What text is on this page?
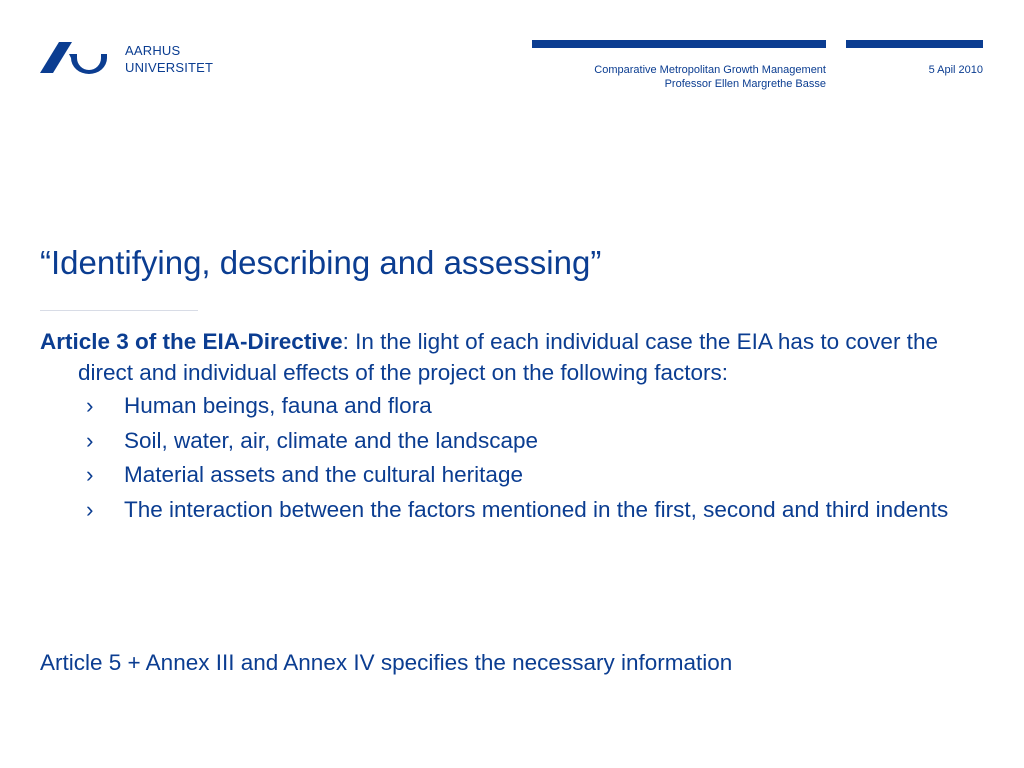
AARHUS
UNIVERSITET	Comparative Metropolitan Growth Management
Professor Ellen Margrethe Basse
5 Apil 2010
“Identifying, describing and assessing”

Article 3 of the EIA-Directive: In the light of each individual case the EIA has to cover the direct and individual effects of the project on the following factors:

›	Human beings, fauna and flora
›	Soil, water, air, climate and the landscape
›	Material assets and the cultural heritage
›	The interaction between the factors mentioned in the first, second and third indents

Article 5 + Annex III and Annex IV specifies the necessary information
